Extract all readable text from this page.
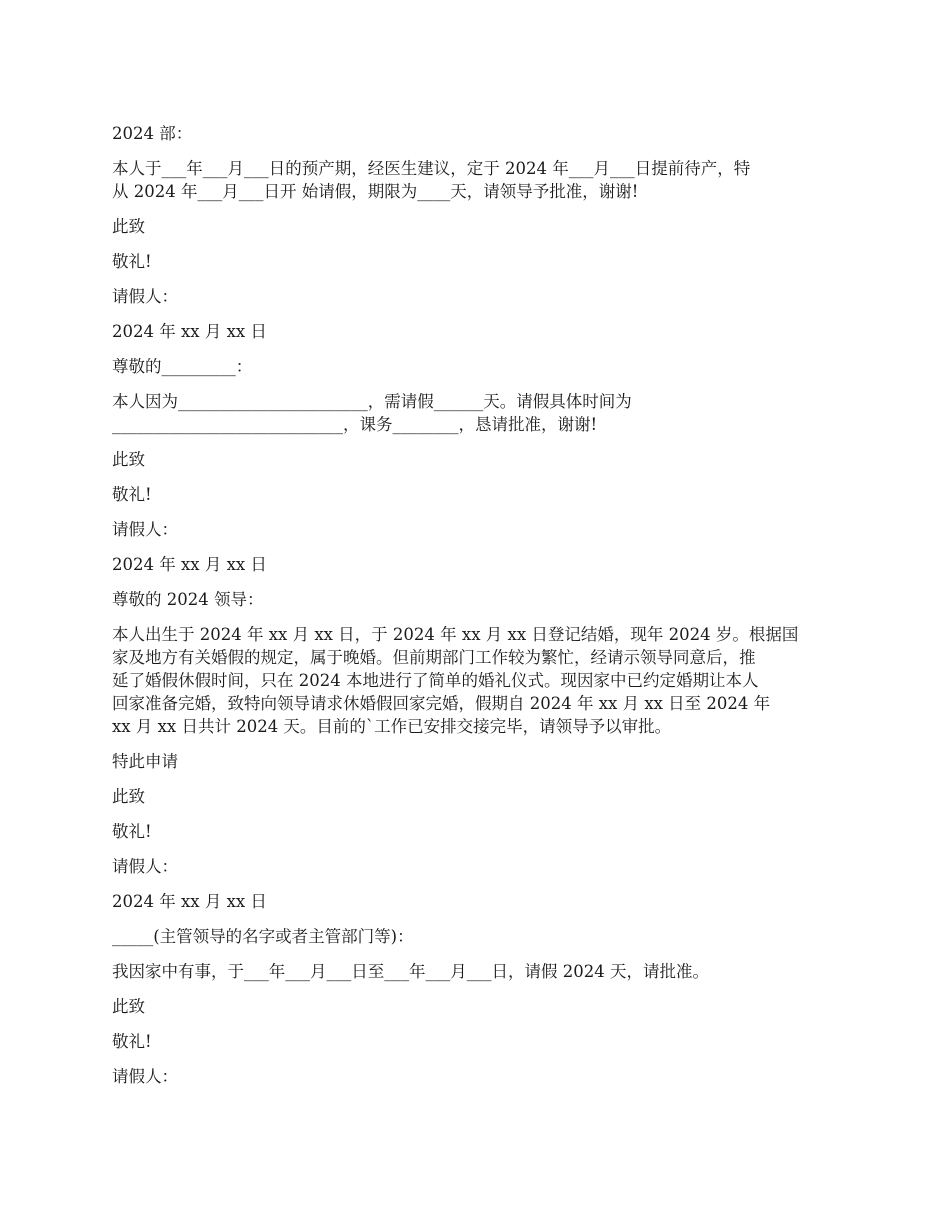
2024 部：
本人于___年___月___日的预产期，经医生建议，定于 2024 年___月___日提前待产，特
从 2024 年___月___日开 始请假，期限为____天，请领导予批准，谢谢!
此致
敬礼!
请假人：
2024 年 xx 月 xx 日
尊敬的_________：
本人因为_______________________，需请假______天。请假具体时间为
____________________________，课务________，恳请批准，谢谢!
此致
敬礼!
请假人：
2024 年 xx 月 xx 日
尊敬的 2024 领导：
本人出生于 2024 年 xx 月 xx 日，于 2024 年 xx 月 xx 日登记结婚，现年 2024 岁。根据国
家及地方有关婚假的规定，属于晚婚。但前期部门工作较为繁忙，经请示领导同意后，推
延了婚假休假时间，只在 2024 本地进行了简单的婚礼仪式。现因家中已约定婚期让本人
回家准备完婚，致特向领导请求休婚假回家完婚，假期自 2024 年 xx 月 xx 日至 2024 年
xx 月 xx 日共计 2024 天。目前的`工作已安排交接完毕，请领导予以审批。
特此申请
此致
敬礼!
请假人：
2024 年 xx 月 xx 日
_____(主管领导的名字或者主管部门等)：
我因家中有事，于___年___月___日至___年___月___日，请假 2024 天，请批准。
此致
敬礼!
请假人：
